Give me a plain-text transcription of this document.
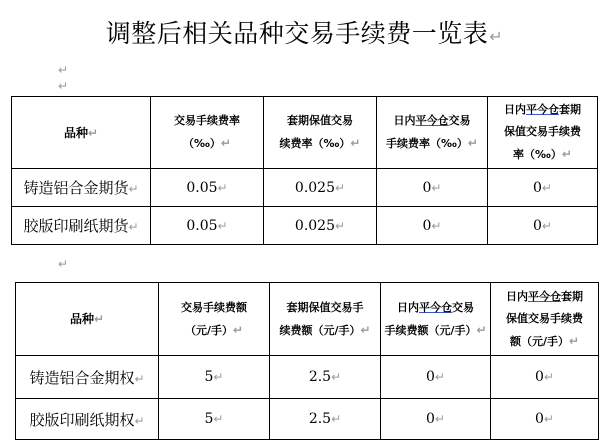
调整后相关品种交易手续费一览表↵
↵
↵
品种↵	交易手续费率
（‰）↵	套期保值交易
续费率（‰）↵	日内平今仓交易
手续费率（‰）↵	日内平今仓套期
保值交易手续费
率（‰）↵
铸造铝合金期货↵	0.05↵	0.025↵	0↵	0↵
胶版印刷纸期货↵	0.05↵	0.025↵	0↵	0↵
↵
品种↵	交易手续费额
（元/手）↵	套期保值交易手
续费额（元/手）↵	日内平今仓交易
手续费额（元/手）↵	日内平今仓套期
保值交易手续费
额（元/手）↵
铸造铝合金期权↵	5↵	2.5↵	0↵	0↵
胶版印刷纸期权↵	5↵	2.5↵	0↵	0↵
